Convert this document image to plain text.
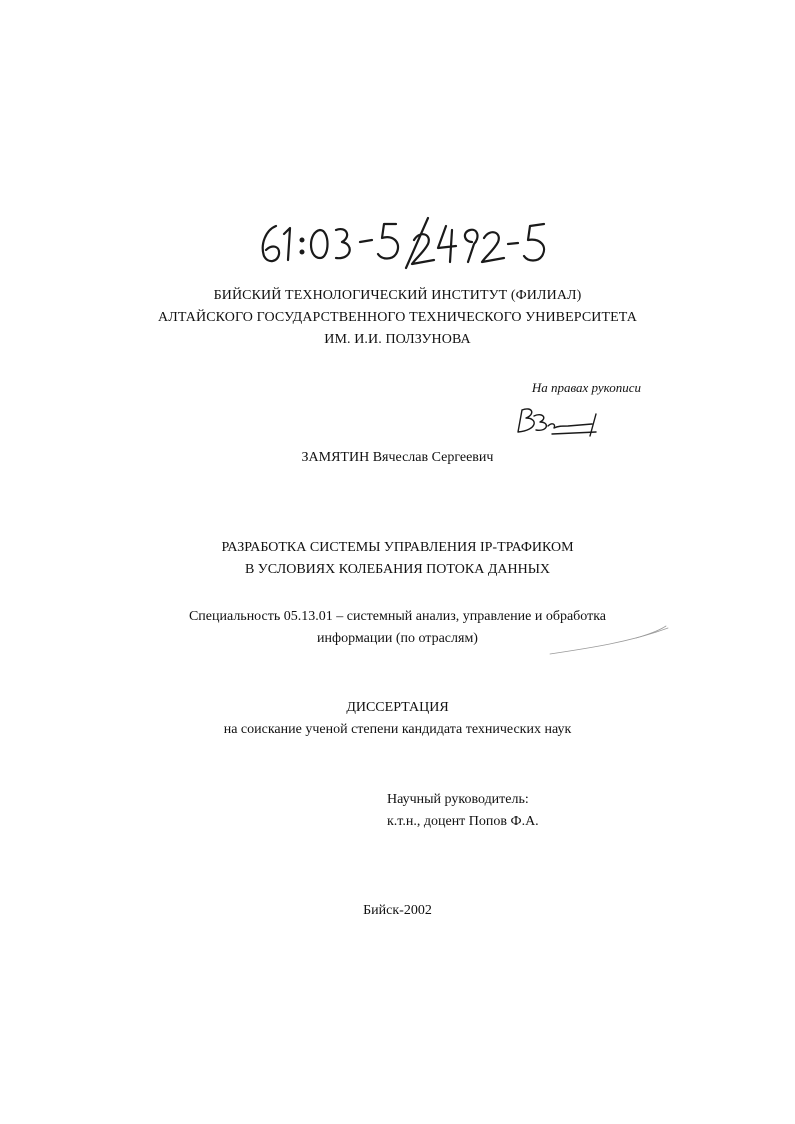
БИЙСКИЙ ТЕХНОЛОГИЧЕСКИЙ ИНСТИТУТ (ФИЛИАЛ)
АЛТАЙСКОГО ГОСУДАРСТВЕННОГО ТЕХНИЧЕСКОГО УНИВЕРСИТЕТА
ИМ. И.И. ПОЛЗУНОВА
На правах рукописи
ЗАМЯТИН Вячеслав Сергеевич
РАЗРАБОТКА СИСТЕМЫ УПРАВЛЕНИЯ IP-ТРАФИКОМ
В УСЛОВИЯХ КОЛЕБАНИЯ ПОТОКА ДАННЫХ
Специальность 05.13.01 – системный анализ, управление и обработка
информации (по отраслям)
ДИССЕРТАЦИЯ
на соискание ученой степени кандидата технических наук
Научный руководитель:
к.т.н., доцент Попов Ф.А.
Бийск-2002
